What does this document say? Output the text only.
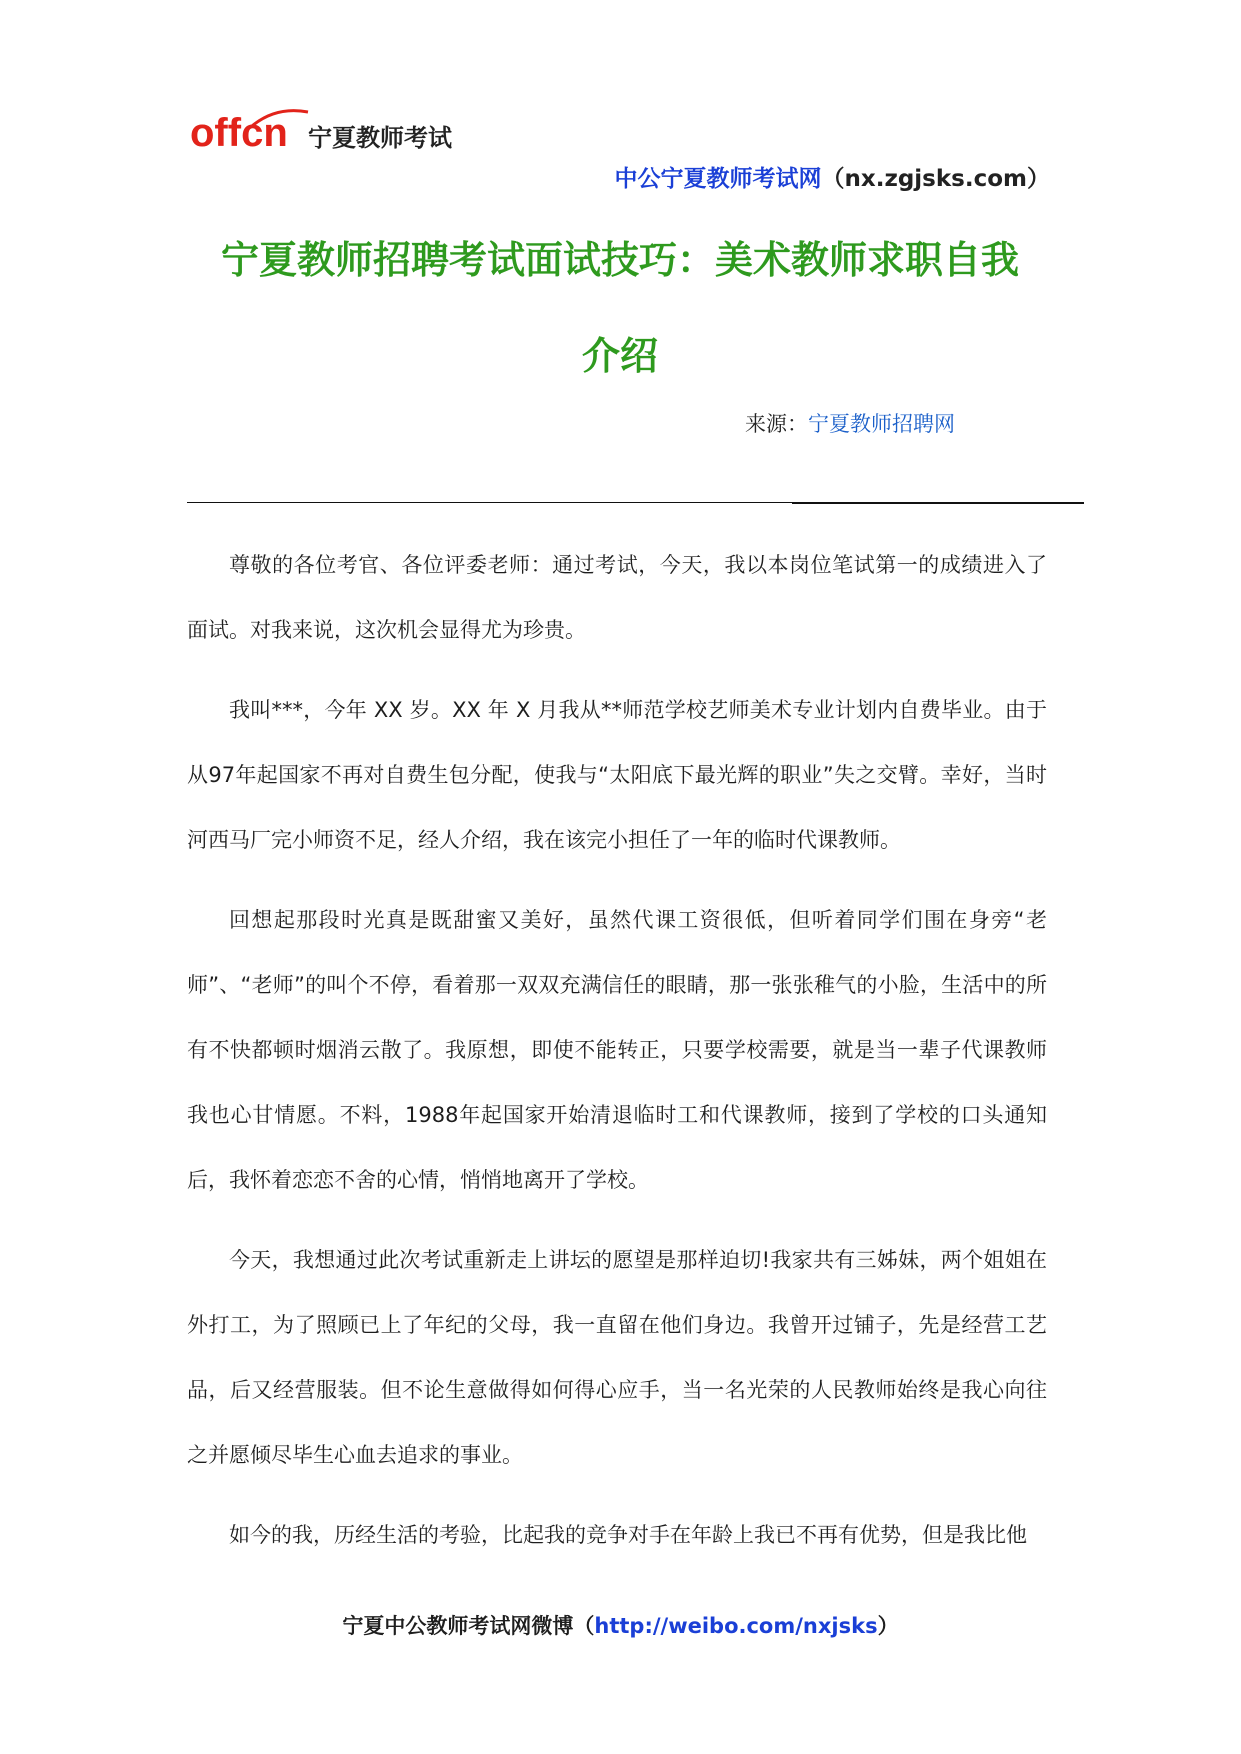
offcn 宁夏教师考试
中公宁夏教师考试网（nx.zgjsks.com）
宁夏教师招聘考试面试技巧：美术教师求职自我
介绍
来源：宁夏教师招聘网

尊敬的各位考官、各位评委老师：通过考试，今天，我以本岗位笔试第一的成绩进入了面试。对我来说，这次机会显得尤为珍贵。

我叫***，今年 XX 岁。XX 年 X 月我从**师范学校艺师美术专业计划内自费毕业。由于从97年起国家不再对自费生包分配，使我与“太阳底下最光辉的职业”失之交臂。幸好，当时河西马厂完小师资不足，经人介绍，我在该完小担任了一年的临时代课教师。

回想起那段时光真是既甜蜜又美好，虽然代课工资很低，但听着同学们围在身旁“老师”、“老师”的叫个不停，看着那一双双充满信任的眼睛，那一张张稚气的小脸，生活中的所有不快都顿时烟消云散了。我原想，即使不能转正，只要学校需要，就是当一辈子代课教师我也心甘情愿。不料，1988年起国家开始清退临时工和代课教师，接到了学校的口头通知后，我怀着恋恋不舍的心情，悄悄地离开了学校。

今天，我想通过此次考试重新走上讲坛的愿望是那样迫切!我家共有三姊妹，两个姐姐在外打工，为了照顾已上了年纪的父母，我一直留在他们身边。我曾开过铺子，先是经营工艺品，后又经营服装。但不论生意做得如何得心应手，当一名光荣的人民教师始终是我心向往之并愿倾尽毕生心血去追求的事业。

如今的我，历经生活的考验，比起我的竞争对手在年龄上我已不再有优势，但是我比他

宁夏中公教师考试网微博（http://weibo.com/nxjsks）
